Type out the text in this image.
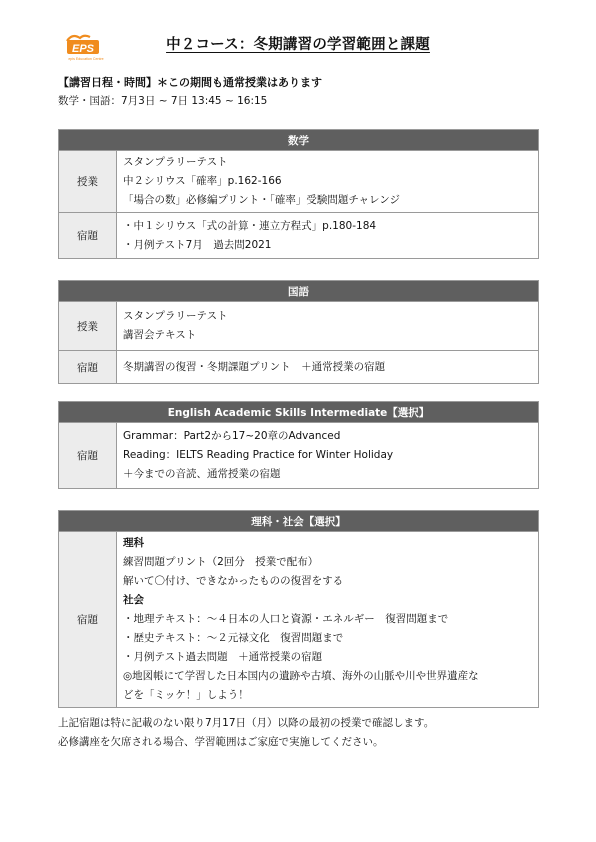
EPS
epis Education Centre
中２コース：冬期講習の学習範囲と課題
【講習日程・時間】＊この期間も通常授業はあります
数学・国語：7月3日 ~ 7日 13:45 ~ 16:15
数学	
授業	スタンプラリーテスト
中２シリウス「確率」p.162-166
「場合の数」必修編プリント・「確率」受験問題チャレンジ

宿題	・中１シリウス「式の計算・連立方程式」p.180-184
・月例テスト7月　過去問2021
国語	
授業	スタンプラリーテスト
講習会テキスト

宿題	冬期講習の復習・冬期課題プリント　＋通常授業の宿題
English Academic Skills Intermediate【選択】
宿題	
Grammar：Part2から17~20章のAdvanced
Reading：IELTS Reading Practice for Winter Holiday
＋今までの音読、通常授業の宿題
理科・社会【選択】
宿題	
理科
練習問題プリント（2回分　授業で配布）
解いて〇付け、できなかったものの復習をする
社会
・地理テキスト：～４日本の人口と資源・エネルギー　復習問題まで
・歴史テキスト：～２元禄文化　復習問題まで
・月例テスト過去問題　＋通常授業の宿題
◎地図帳にて学習した日本国内の遺跡や古墳、海外の山脈や川や世界遺産な
どを「ミッケ！」しよう！
上記宿題は特に記載のない限り7月17日（月）以降の最初の授業で確認します。
必修講座を欠席される場合、学習範囲はご家庭で実施してください。
